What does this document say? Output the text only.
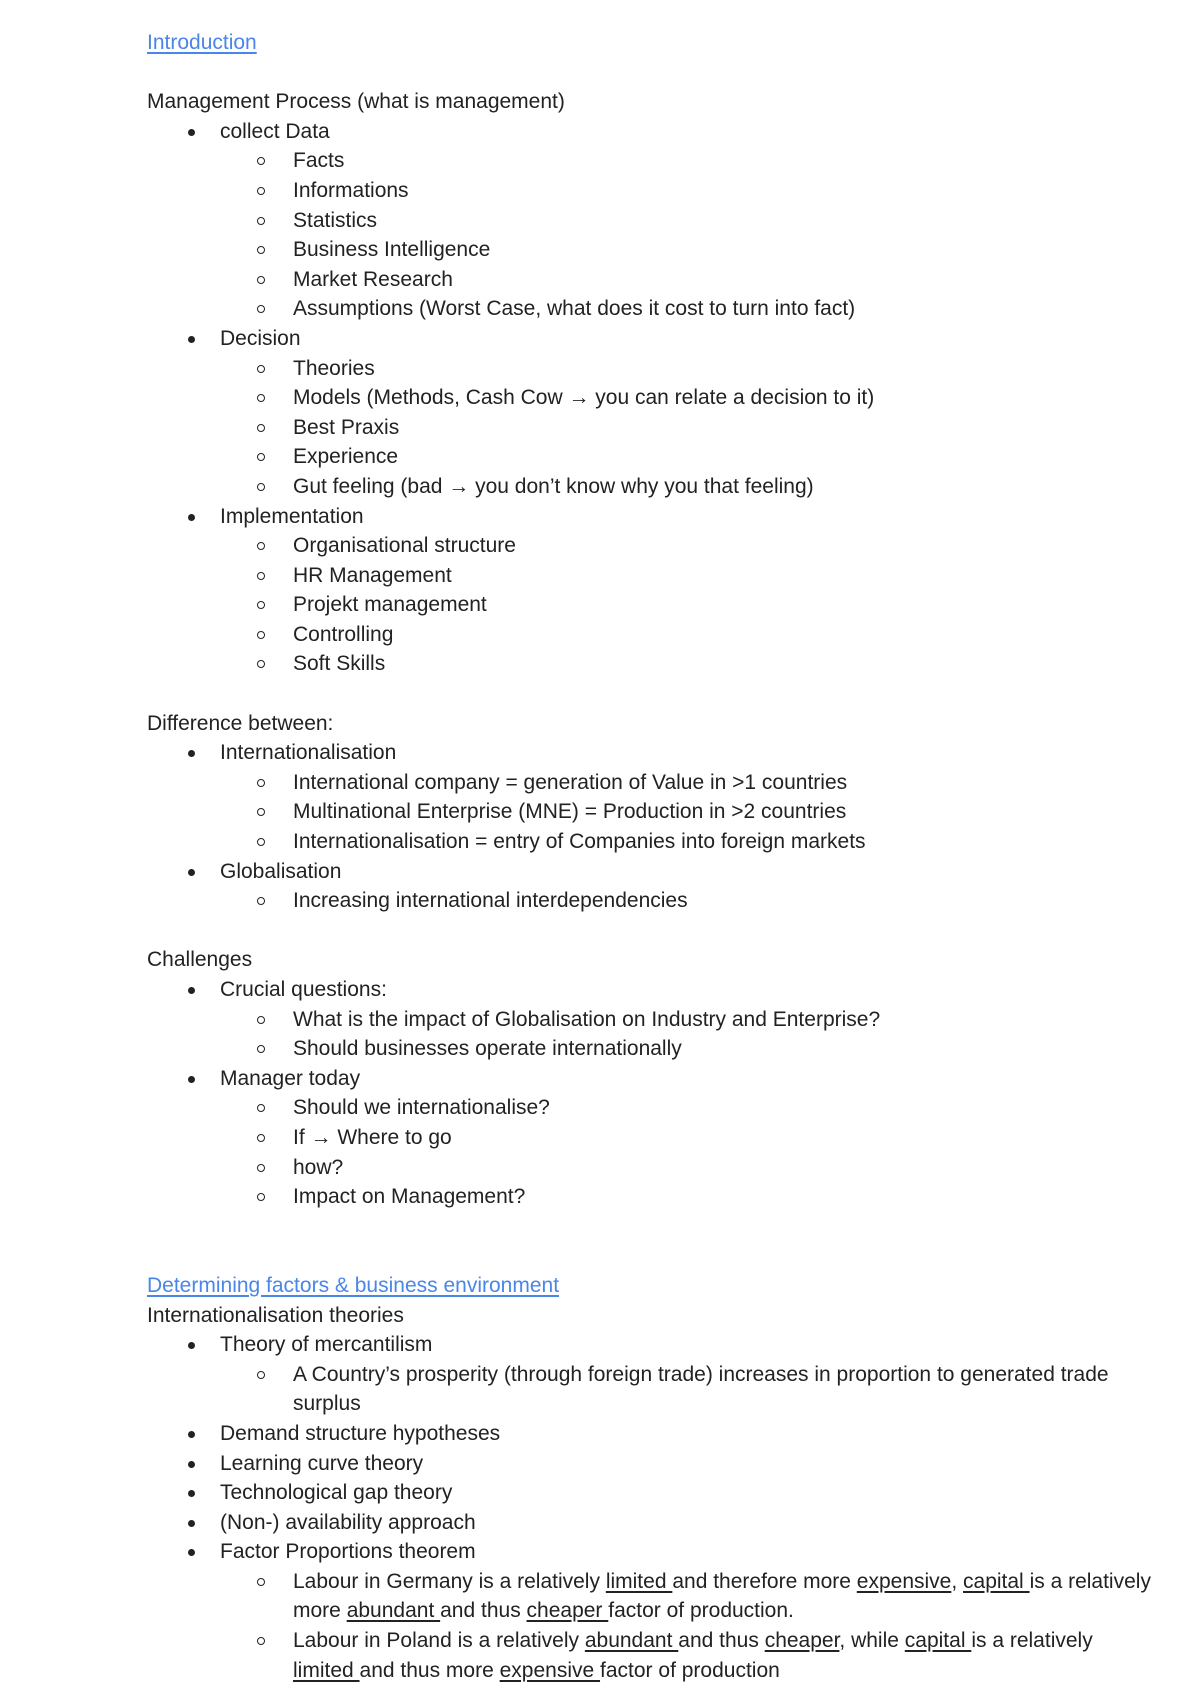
Introduction
Management Process (what is management)
collect Data
Facts
Informations
Statistics
Business Intelligence
Market Research
Assumptions (Worst Case, what does it cost to turn into fact)
Decision
Theories
Models (Methods, Cash Cow → you can relate a decision to it)
Best Praxis
Experience
Gut feeling (bad → you don’t know why you that feeling)
Implementation
Organisational structure
HR Management
Projekt management
Controlling
Soft Skills
Difference between:
Internationalisation
International company = generation of Value in >1 countries
Multinational Enterprise (MNE) = Production in >2 countries
Internationalisation = entry of Companies into foreign markets
Globalisation
Increasing international interdependencies
Challenges
Crucial questions:
What is the impact of Globalisation on Industry and Enterprise?
Should businesses operate internationally
Manager today
Should we internationalise?
If → Where to go
how?
Impact on Management?
Determining factors & business environment
Internationalisation theories
Theory of mercantilism
A Country’s prosperity (through foreign trade) increases in proportion to generated trade surplus
Demand structure hypotheses
Learning curve theory
Technological gap theory
(Non-) availability approach
Factor Proportions theorem
Labour in Germany is a relatively limited and therefore more expensive, capital is a relatively more abundant and thus cheaper factor of production.
Labour in Poland is a relatively abundant and thus cheaper, while capital is a relatively limited and thus more expensive factor of production
